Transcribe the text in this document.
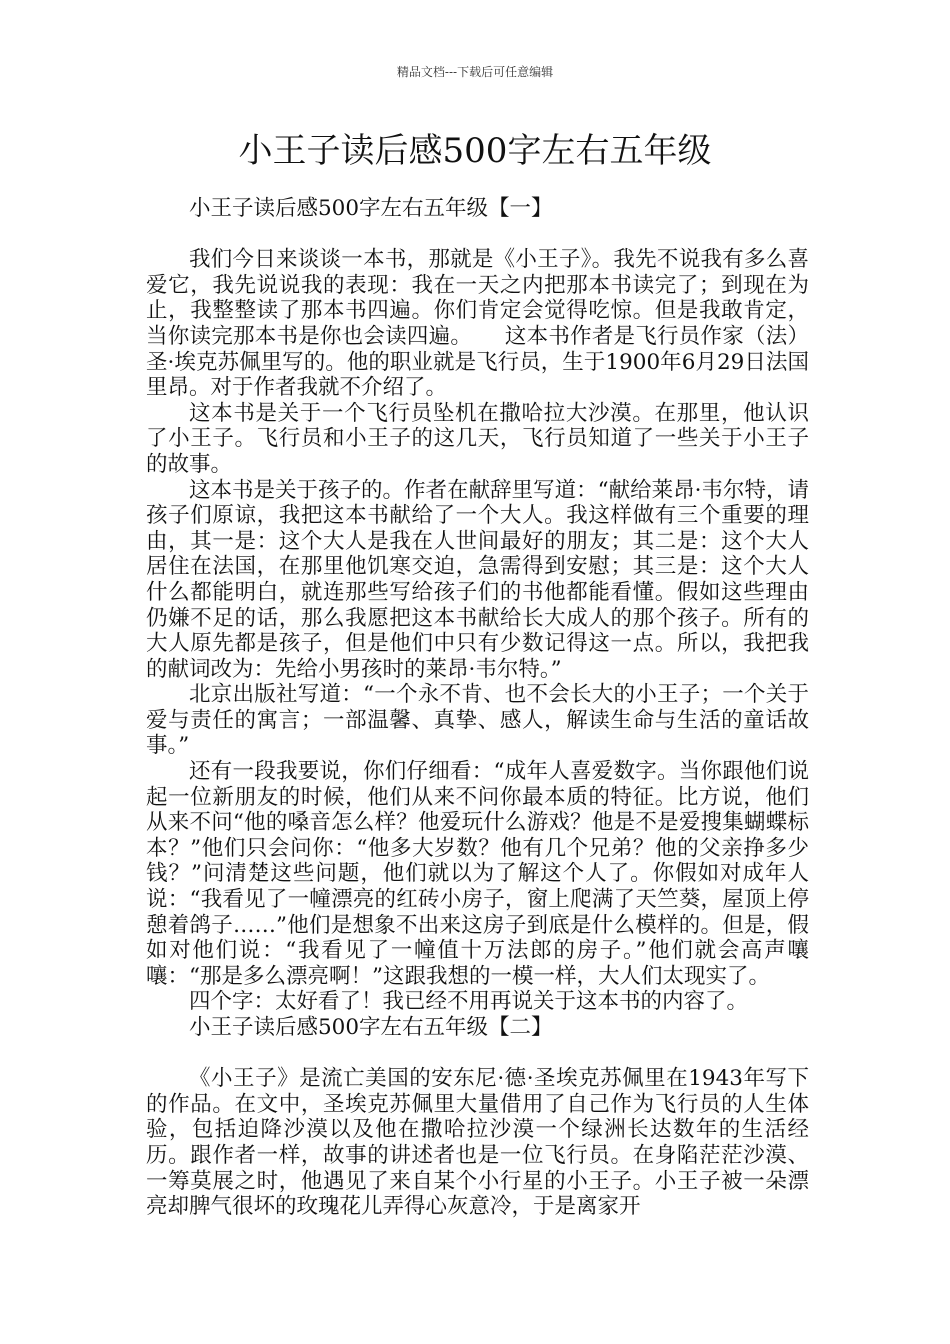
精品文档---下载后可任意编辑
小王子读后感500字左右五年级

小王子读后感500字左右五年级【一】

我们今日来谈谈一本书，那就是《小王子》。我先不说我有多么喜爱它，我先说说我的表现：我在一天之内把那本书读完了；到现在为止，我整整读了那本书四遍。你们肯定会觉得吃惊。但是我敢肯定，当你读完那本书是你也会读四遍。　　这本书作者是飞行员作家（法）圣·埃克苏佩里写的。他的职业就是飞行员，生于1900年6月29日法国里昂。对于作者我就不介绍了。

这本书是关于一个飞行员坠机在撒哈拉大沙漠。在那里，他认识了小王子。飞行员和小王子的这几天，飞行员知道了一些关于小王子的故事。

这本书是关于孩子的。作者在献辞里写道：“献给莱昂·韦尔特，请孩子们原谅，我把这本书献给了一个大人。我这样做有三个重要的理由，其一是：这个大人是我在人世间最好的朋友；其二是：这个大人居住在法国，在那里他饥寒交迫，急需得到安慰；其三是：这个大人什么都能明白，就连那些写给孩子们的书他都能看懂。假如这些理由仍嫌不足的话，那么我愿把这本书献给长大成人的那个孩子。所有的大人原先都是孩子，但是他们中只有少数记得这一点。所以，我把我的献词改为：先给小男孩时的莱昂·韦尔特。”

北京出版社写道：“一个永不肯、也不会长大的小王子；一个关于爱与责任的寓言；一部温馨、真挚、感人，解读生命与生活的童话故事。”

还有一段我要说，你们仔细看：“成年人喜爱数字。当你跟他们说起一位新朋友的时候，他们从来不问你最本质的特征。比方说，他们从来不问“他的嗓音怎么样？他爱玩什么游戏？他是不是爱搜集蝴蝶标本？”他们只会问你：“他多大岁数？他有几个兄弟？他的父亲挣多少钱？”问清楚这些问题，他们就以为了解这个人了。你假如对成年人说：“我看见了一幢漂亮的红砖小房子，窗上爬满了天竺葵，屋顶上停憩着鸽子……”他们是想象不出来这房子到底是什么模样的。但是，假如对他们说：“我看见了一幢值十万法郎的房子。”他们就会高声嚷嚷：“那是多么漂亮啊！”这跟我想的一模一样，大人们太现实了。

四个字：太好看了！我已经不用再说关于这本书的内容了。

小王子读后感500字左右五年级【二】

《小王子》是流亡美国的安东尼·德·圣埃克苏佩里在1943年写下的作品。在文中，圣埃克苏佩里大量借用了自己作为飞行员的人生体验，包括迫降沙漠以及他在撒哈拉沙漠一个绿洲长达数年的生活经历。跟作者一样，故事的讲述者也是一位飞行员。在身陷茫茫沙漠、一筹莫展之时，他遇见了来自某个小行星的小王子。小王子被一朵漂亮却脾气很坏的玫瑰花儿弄得心灰意冷，于是离家开
